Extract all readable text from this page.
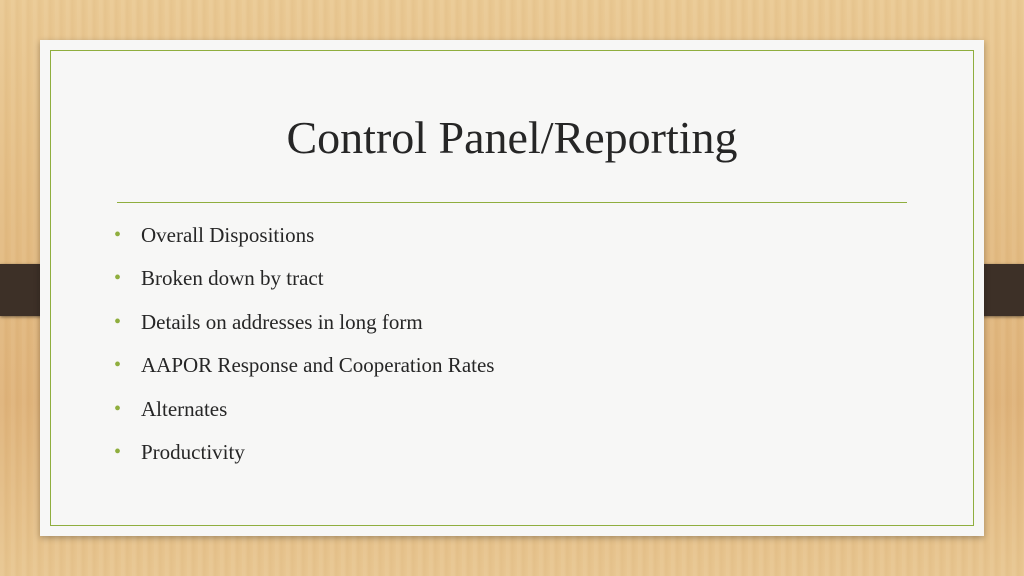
Control Panel/Reporting
• Overall Dispositions
• Broken down by tract
• Details on addresses in long form
• AAPOR Response and Cooperation Rates
• Alternates
• Productivity
